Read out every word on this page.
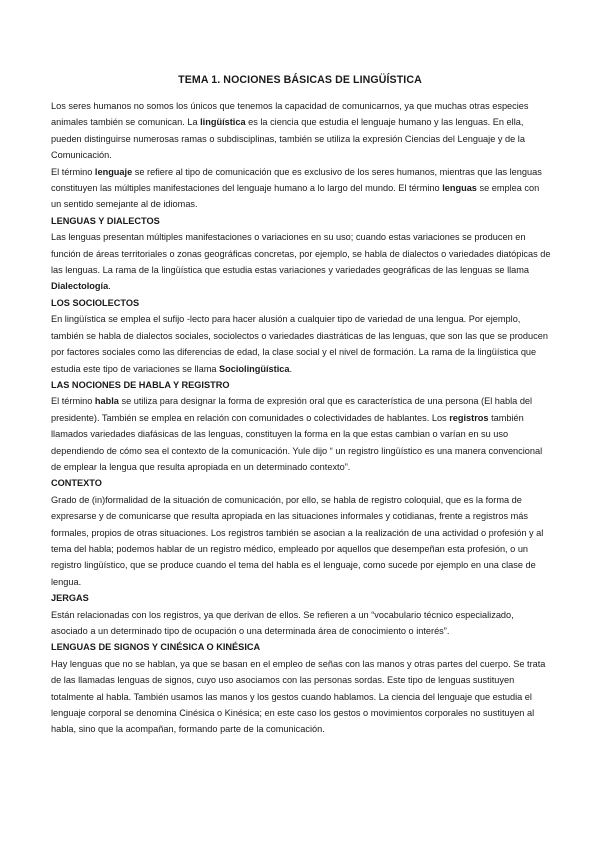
TEMA 1. NOCIONES BÁSICAS DE LINGÜÍSTICA

Los seres humanos no somos los únicos que tenemos la capacidad de comunicarnos, ya que muchas otras especies animales también se comunican. La lingüística es la ciencia que estudia el lenguaje humano y las lenguas. En ella, pueden distinguirse numerosas ramas o subdisciplinas, también se utiliza la expresión Ciencias del Lenguaje y de la Comunicación.

El término lenguaje se refiere al tipo de comunicación que es exclusivo de los seres humanos, mientras que las lenguas constituyen las múltiples manifestaciones del lenguaje humano a lo largo del mundo. El término lenguas se emplea con un sentido semejante al de idiomas.

LENGUAS Y DIALECTOS

Las lenguas presentan múltiples manifestaciones o variaciones en su uso; cuando estas variaciones se producen en función de áreas territoriales o zonas geográficas concretas, por ejemplo, se habla de dialectos o variedades diatópicas de las lenguas. La rama de la lingüística que estudia estas variaciones y variedades geográficas de las lenguas se llama Dialectología.

LOS SOCIOLECTOS

En lingüística se emplea el sufijo -lecto para hacer alusión a cualquier tipo de variedad de una lengua. Por ejemplo, también se habla de dialectos sociales, sociolectos o variedades diastráticas de las lenguas, que son las que se producen por factores sociales como las diferencias de edad, la clase social y el nivel de formación. La rama de la lingüística que estudia este tipo de variaciones se llama Sociolingüística.

LAS NOCIONES DE HABLA Y REGISTRO

El término habla se utiliza para designar la forma de expresión oral que es característica de una persona (El habla del presidente). También se emplea en relación con comunidades o colectividades de hablantes. Los registros también llamados variedades diafásicas de las lenguas, constituyen la forma en la que estas cambian o varían en su uso dependiendo de cómo sea el contexto de la comunicación. Yule dijo “ un registro lingüístico es una manera convencional de emplear la lengua que resulta apropiada en un determinado contexto”.

CONTEXTO

Grado de (in)formalidad de la situación de comunicación, por ello, se habla de registro coloquial, que es la forma de expresarse y de comunicarse que resulta apropiada en las situaciones informales y cotidianas, frente a registros más formales, propios de otras situaciones. Los registros también se asocian a la realización de una actividad o profesión y al tema del habla; podemos hablar de un registro médico, empleado por aquellos que desempeñan esta profesión, o un registro lingüístico, que se produce cuando el tema del habla es el lenguaje, como sucede por ejemplo en una clase de lengua.

JERGAS

Están relacionadas con los registros, ya que derivan de ellos. Se refieren a un “vocabulario técnico especializado, asociado a un determinado tipo de ocupación o una determinada área de conocimiento o interés”.

LENGUAS DE SIGNOS Y CINÉSICA O KINÉSICA

Hay lenguas que no se hablan, ya que se basan en el empleo de señas con las manos y otras partes del cuerpo. Se trata de las llamadas lenguas de signos, cuyo uso asociamos con las personas sordas. Este tipo de lenguas sustituyen totalmente al habla. También usamos las manos y los gestos cuando hablamos. La ciencia del lenguaje que estudia el lenguaje corporal se denomina Cinésica o Kinésica; en este caso los gestos o movimientos corporales no sustituyen al habla, sino que la acompañan, formando parte de la comunicación.
